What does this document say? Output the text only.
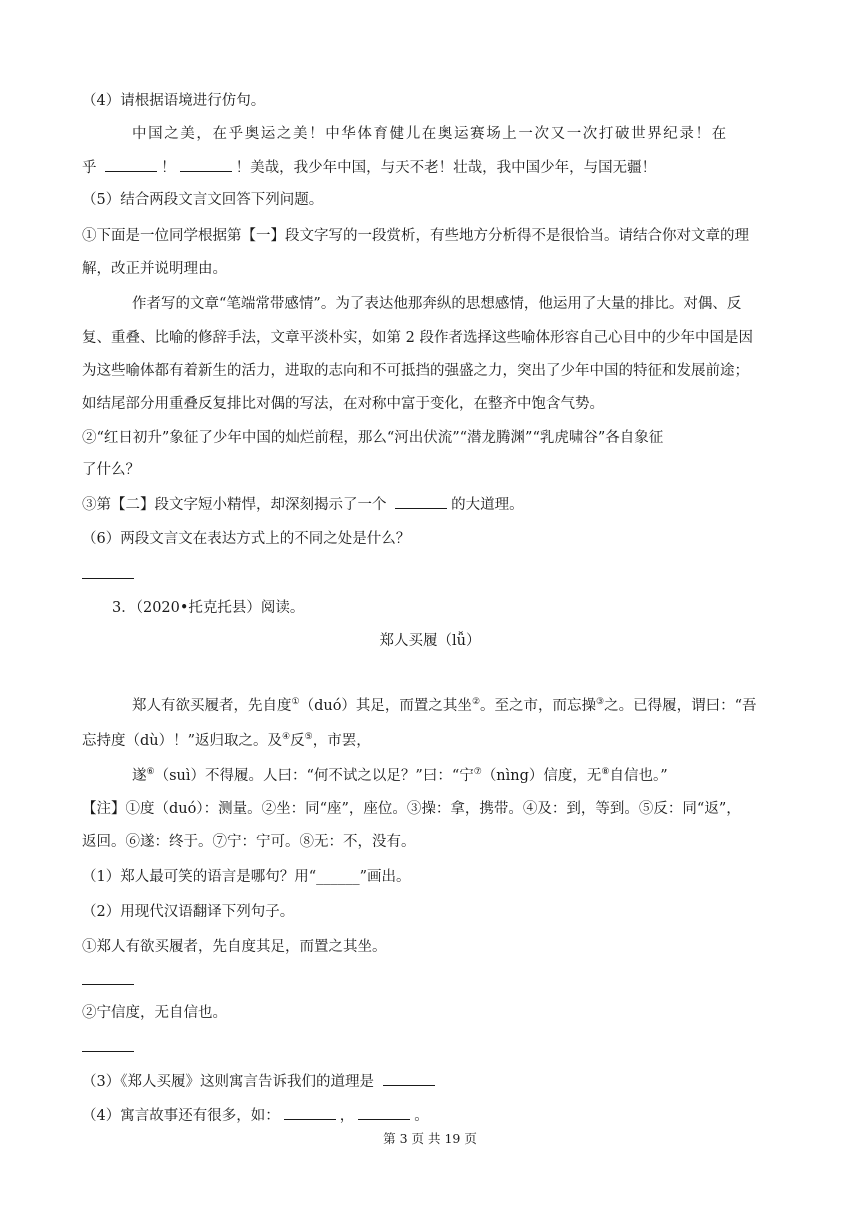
（4）请根据语境进行仿句。
中国之美，在乎奥运之美！中华体育健儿在奥运赛场上一次又一次打破世界纪录！在
乎	！	！美哉，我少年中国，与天不老！壮哉，我中国少年，与国无疆！
（5）结合两段文言文回答下列问题。
①下面是一位同学根据第【一】段文字写的一段赏析，有些地方分析得不是很恰当。请结合你对文章的理
解，改正并说明理由。
作者写的文章“笔端常带感情”。为了表达他那奔纵的思想感情，他运用了大量的排比。对偶、反
复、重叠、比喻的修辞手法，文章平淡朴实，如第 2 段作者选择这些喻体形容自己心目中的少年中国是因
为这些喻体都有着新生的活力，进取的志向和不可抵挡的强盛之力，突出了少年中国的特征和发展前途；
如结尾部分用重叠反复排比对偶的写法，在对称中富于变化，在整齐中饱含气势。
②“红日初升”象征了少年中国的灿烂前程，那么“河出伏流”“潜龙腾渊”“乳虎啸谷”各自象征
了什么？
③第【二】段文字短小精悍，却深刻揭示了一个	的大道理。
（6）两段文言文在表达方式上的不同之处是什么？
3．（2020•托克托县）阅读。
郑人买履（lǚ）
郑人有欲买履者，先自度①（duó）其足，而置之其坐②。至之市，而忘操③之。已得履，谓曰：“吾
忘持度（dù）！”返归取之。及④反⑤，市罢，
遂⑥（suì）不得履。人曰：“何不试之以足？”曰：“宁⑦（nìng）信度，无⑧自信也。”
【注】①度（duó）：测量。②坐：同“座”，座位。③操：拿，携带。④及：到，等到。⑤反：同“返”，
返回。⑥遂：终于。⑦宁：宁可。⑧无：不，没有。
（1）郑人最可笑的语言是哪句？用“______”画出。
（2）用现代汉语翻译下列句子。
①郑人有欲买履者，先自度其足，而置之其坐。
②宁信度，无自信也。
（3）《郑人买履》这则寓言告诉我们的道理是
（4）寓言故事还有很多，如：	，	。
第 3 页 共 19 页
